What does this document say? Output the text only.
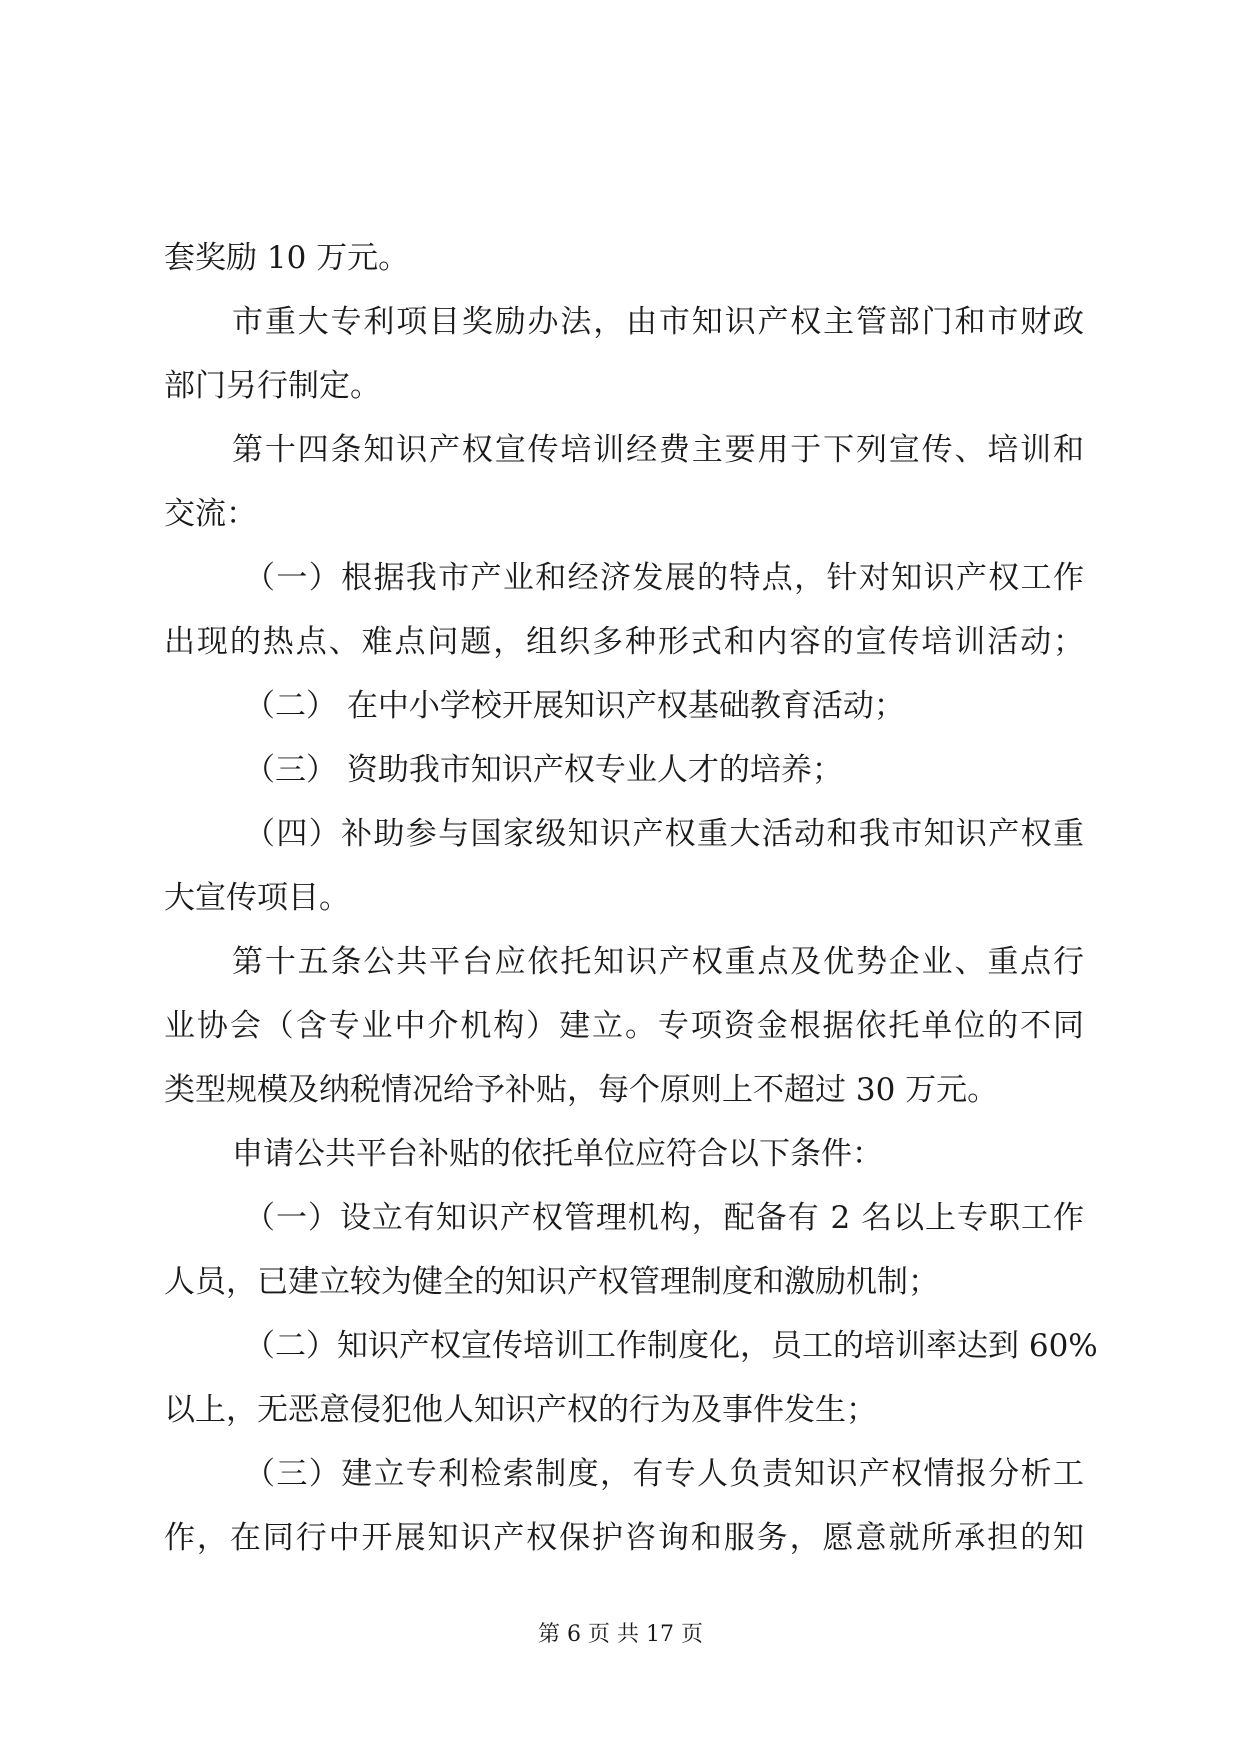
套奖励 10 万元。
市重大专利项目奖励办法，由市知识产权主管部门和市财政
部门另行制定。
第十四条知识产权宣传培训经费主要用于下列宣传、培训和
交流：
（一）根据我市产业和经济发展的特点，针对知识产权工作
出现的热点、难点问题，组织多种形式和内容的宣传培训活动；
（二） 在中小学校开展知识产权基础教育活动；
（三） 资助我市知识产权专业人才的培养；
（四）补助参与国家级知识产权重大活动和我市知识产权重
大宣传项目。
第十五条公共平台应依托知识产权重点及优势企业、重点行
业协会（含专业中介机构）建立。专项资金根据依托单位的不同
类型规模及纳税情况给予补贴，每个原则上不超过 30 万元。
申请公共平台补贴的依托单位应符合以下条件：
（一）设立有知识产权管理机构，配备有 2 名以上专职工作
人员，已建立较为健全的知识产权管理制度和激励机制；
（二）知识产权宣传培训工作制度化，员工的培训率达到 60%
以上，无恶意侵犯他人知识产权的行为及事件发生；
（三）建立专利检索制度，有专人负责知识产权情报分析工
作，在同行中开展知识产权保护咨询和服务，愿意就所承担的知
第 6 页 共 17 页
